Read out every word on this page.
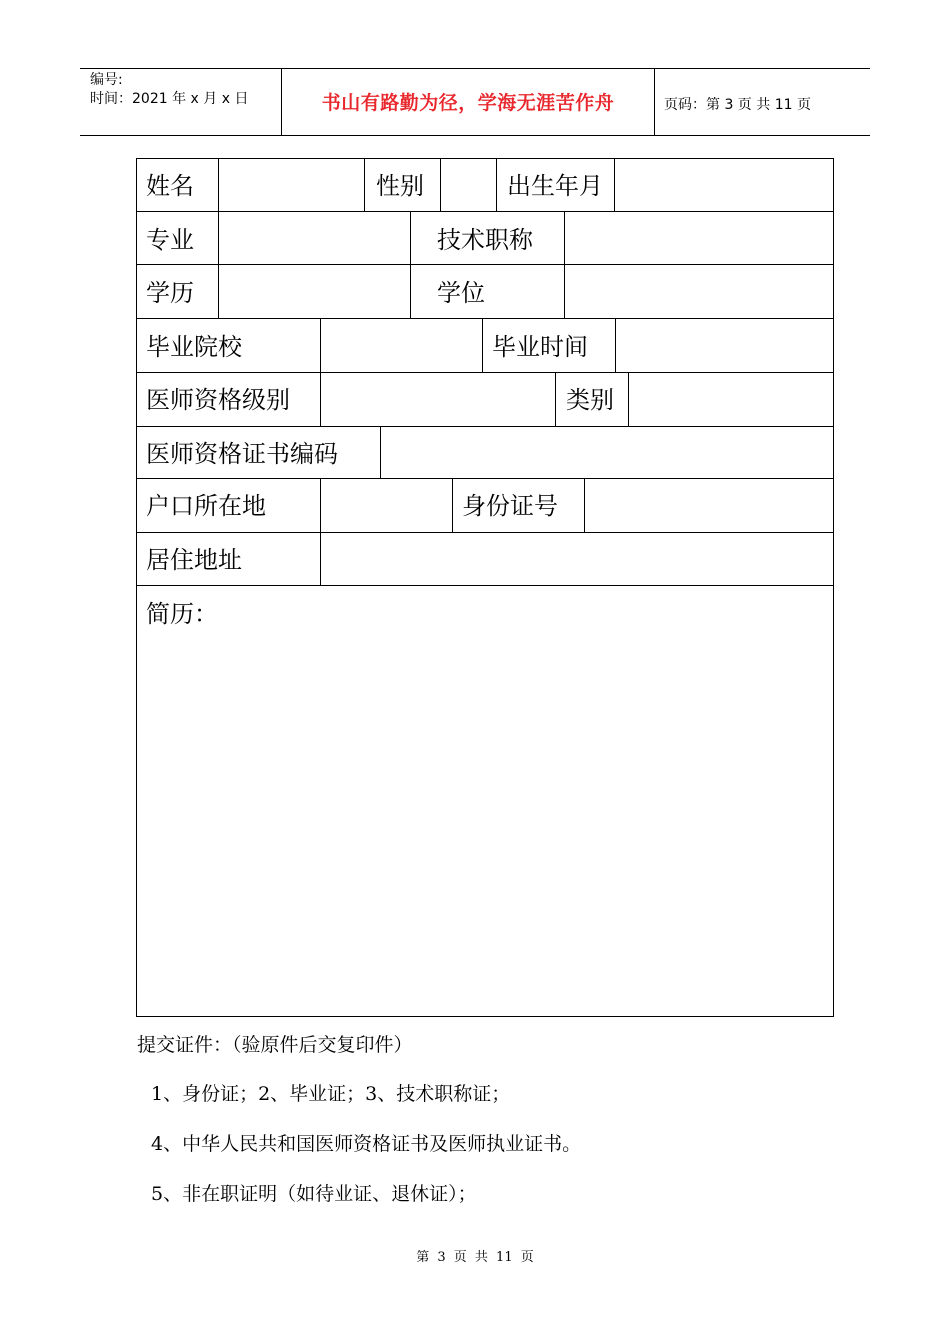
编号:
时间：2021 年 x 月 x 日	书山有路勤为径，学海无涯苦作舟	页码：第 3 页 共 11 页
姓名	性别	出生年月
专业	技术职称
学历	学位
毕业院校	毕业时间
医师资格级别	类别
医师资格证书编码
户口所在地	身份证号
居住地址
简历：
提交证件：（验原件后交复印件）
1、身份证；2、毕业证；3、技术职称证；
4、中华人民共和国医师资格证书及医师执业证书。
5、非在职证明（如待业证、退休证）；
第 3 页 共 11 页
